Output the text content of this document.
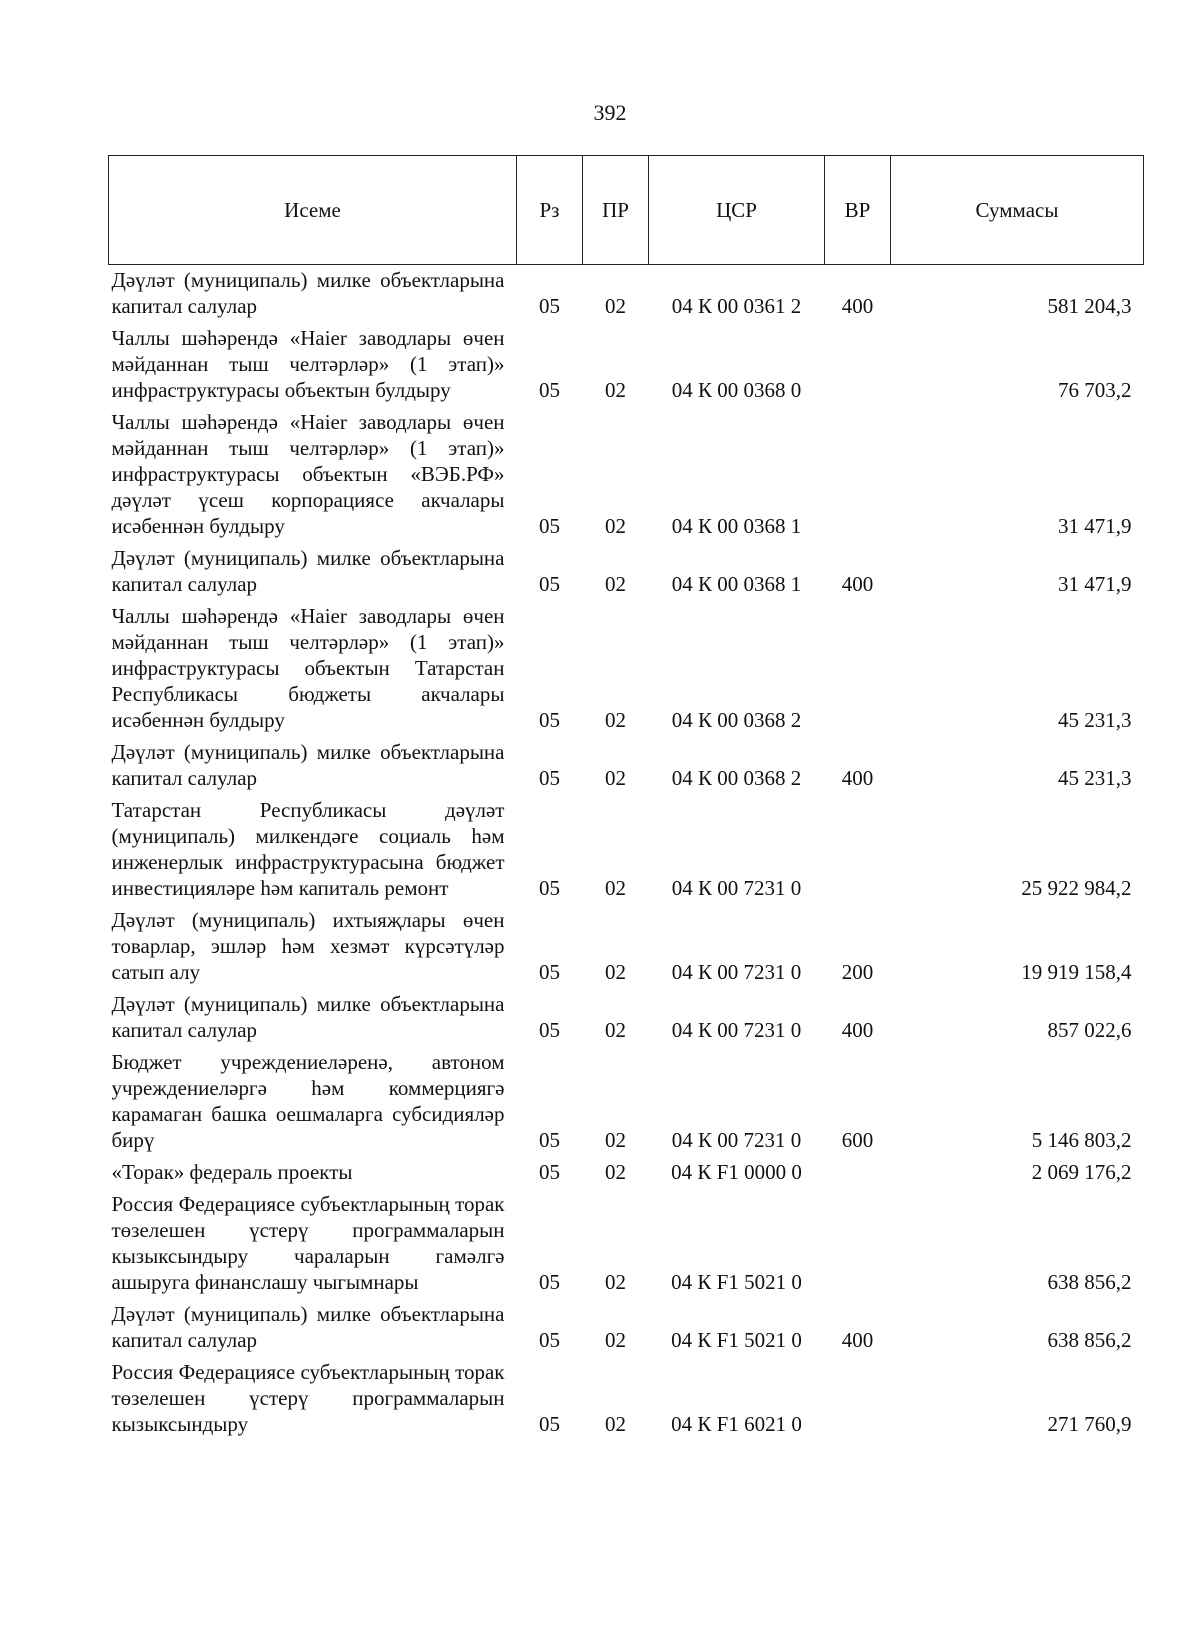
392
Исеме	Рз	ПР	ЦСР	ВР	Суммасы
Дәүләт (муниципаль) милке объектларына капитал салулар	05	02	04 К 00 0361 2	400	581 204,3
Чаллы шәһәрендә «Haier заводлары өчен мәйданнан тыш челтәрләр» (1 этап)» инфраструктурасы объектын булдыру	05	02	04 К 00 0368 0		76 703,2
Чаллы шәһәрендә «Haier заводлары өчен мәйданнан тыш челтәрләр» (1 этап)» инфраструктурасы объектын «ВЭБ.РФ» дәүләт үсеш корпорациясе акчалары исәбеннән булдыру	05	02	04 К 00 0368 1		31 471,9
Дәүләт (муниципаль) милке объектларына капитал салулар	05	02	04 К 00 0368 1	400	31 471,9
Чаллы шәһәрендә «Haier заводлары өчен мәйданнан тыш челтәрләр» (1 этап)» инфраструктурасы объектын Татарстан Республикасы бюджеты акчалары исәбеннән булдыру	05	02	04 К 00 0368 2		45 231,3
Дәүләт (муниципаль) милке объектларына капитал салулар	05	02	04 К 00 0368 2	400	45 231,3
Татарстан Республикасы дәүләт (муниципаль) милкендәге социаль һәм инженерлык инфраструктурасына бюджет инвестицияләре һәм капиталь ремонт	05	02	04 К 00 7231 0		25 922 984,2
Дәүләт (муниципаль) ихтыяҗлары өчен товарлар, эшләр һәм хезмәт күрсәтүләр сатып алу	05	02	04 К 00 7231 0	200	19 919 158,4
Дәүләт (муниципаль) милке объектларына капитал салулар	05	02	04 К 00 7231 0	400	857 022,6
Бюджет учреждениеләренә, автоном учреждениеләргә һәм коммерциягә карамаган башка оешмаларга субсидияләр бирү	05	02	04 К 00 7231 0	600	5 146 803,2
«Торак» федераль проекты	05	02	04 К F1 0000 0		2 069 176,2
Россия Федерациясе субъектларының торак төзелешен үстерү программаларын кызыксындыру чараларын гамәлгә ашыруга финанслашу чыгымнары	05	02	04 К F1 5021 0		638 856,2
Дәүләт (муниципаль) милке объектларына капитал салулар	05	02	04 К F1 5021 0	400	638 856,2
Россия Федерациясе субъектларының торак төзелешен үстерү программаларын кызыксындыру	05	02	04 К F1 6021 0		271 760,9
